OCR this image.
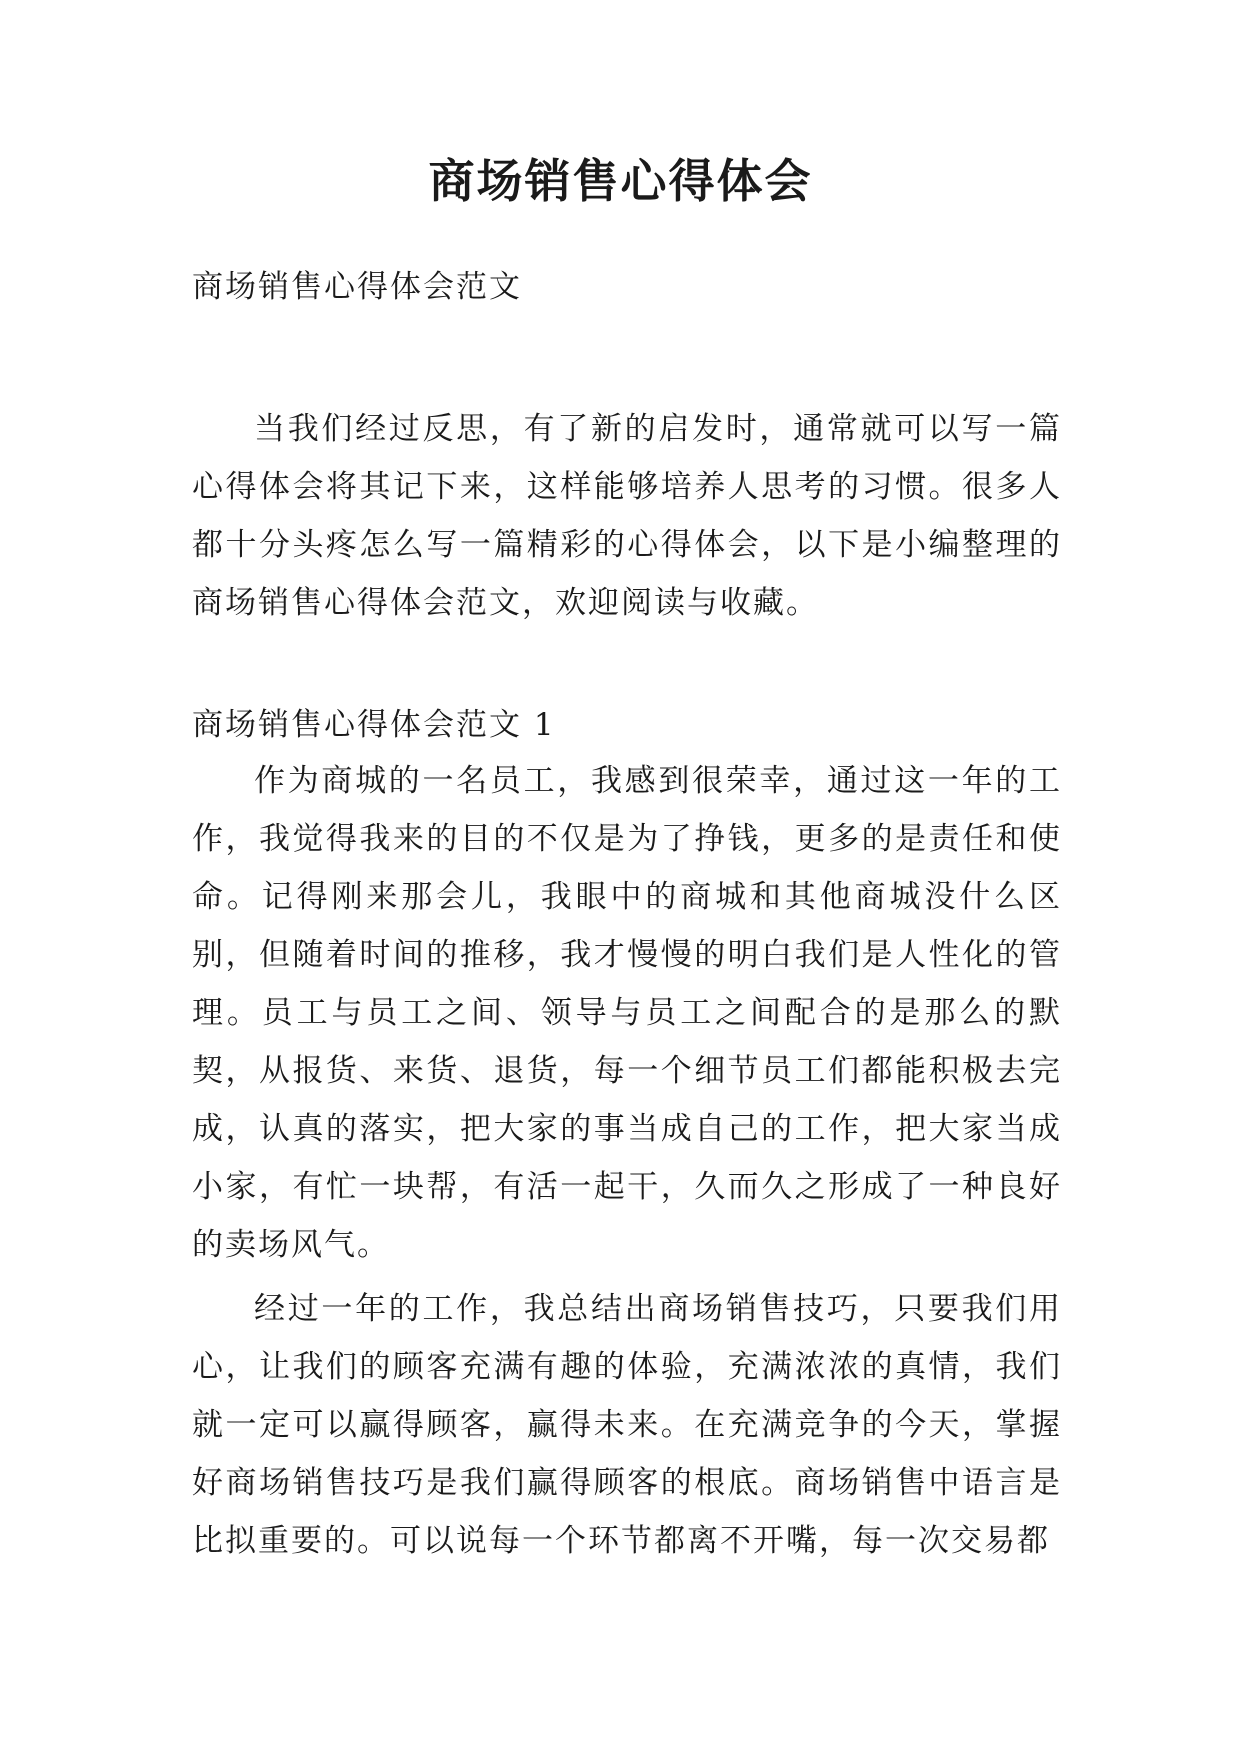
商场销售心得体会
商场销售心得体会范文

当我们经过反思，有了新的启发时，通常就可以写一篇心得体会将其记下来，这样能够培养人思考的习惯。很多人都十分头疼怎么写一篇精彩的心得体会，以下是小编整理的商场销售心得体会范文，欢迎阅读与收藏。

商场销售心得体会范文 1

作为商城的一名员工，我感到很荣幸，通过这一年的工作，我觉得我来的目的不仅是为了挣钱，更多的是责任和使命。记得刚来那会儿，我眼中的商城和其他商城没什么区别，但随着时间的推移，我才慢慢的明白我们是人性化的管理。员工与员工之间、领导与员工之间配合的是那么的默契，从报货、来货、退货，每一个细节员工们都能积极去完成，认真的落实，把大家的事当成自己的工作，把大家当成小家，有忙一块帮，有活一起干，久而久之形成了一种良好的卖场风气。

经过一年的工作，我总结出商场销售技巧，只要我们用心，让我们的顾客充满有趣的体验，充满浓浓的真情，我们就一定可以赢得顾客，赢得未来。在充满竞争的今天，掌握好商场销售技巧是我们赢得顾客的根底。商场销售中语言是比拟重要的。可以说每一个环节都离不开嘴，每一次交易都
